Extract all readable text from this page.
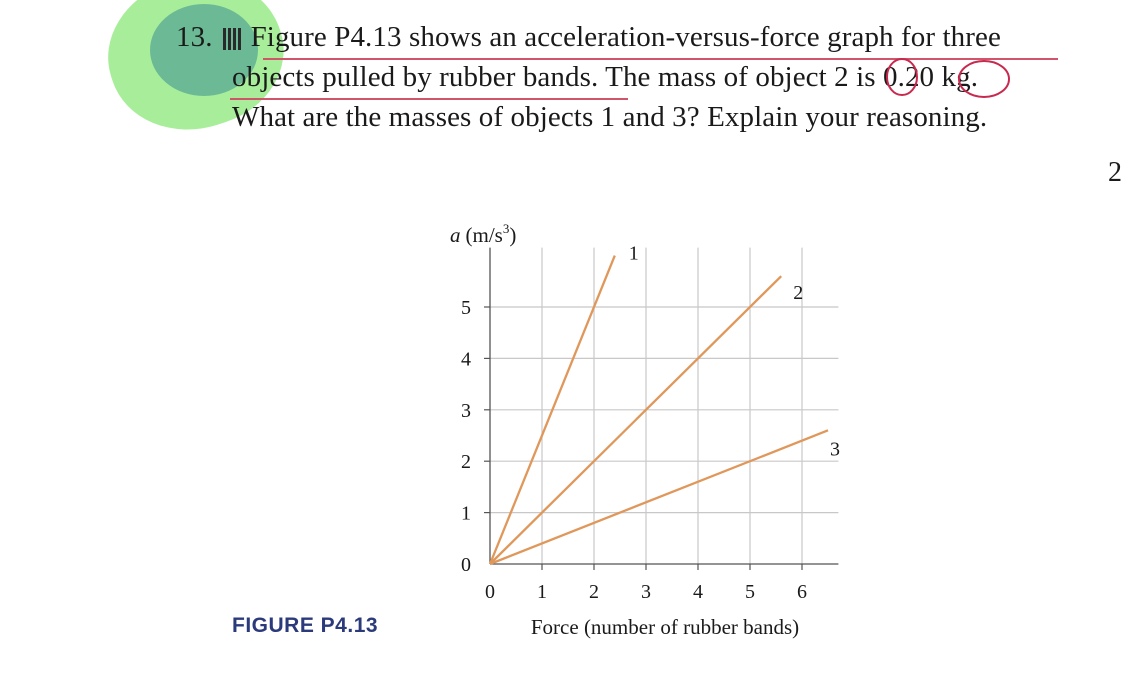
13. Figure P4.13 shows an acceleration-versus-force graph for three
objects pulled by rubber bands. The mass of object 2 is 0.20 kg.
What are the masses of objects 1 and 3? Explain your reasoning.
2
FIGURE P4.13
0 1 2 3 4 5 6
0
1
2
3
4
5
1
2
3
a $(m/s^3)$
Force (number of rubber bands)
